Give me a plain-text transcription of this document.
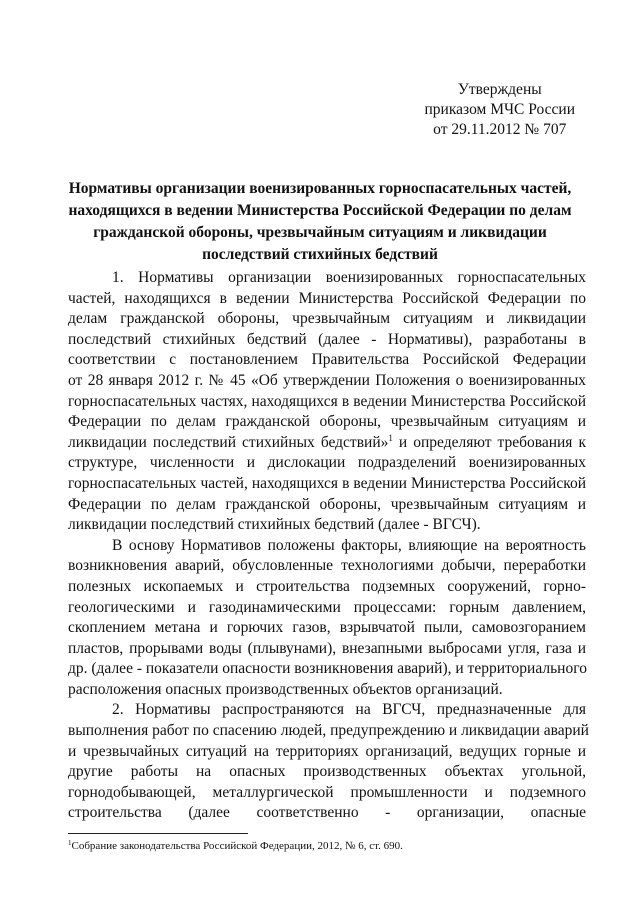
Утверждены
приказом МЧС России
от 29.11.2012 № 707
Нормативы организации военизированных горноспасательных частей,
находящихся в ведении Министерства Российской Федерации по делам
гражданской обороны, чрезвычайным ситуациям и ликвидации
последствий стихийных бедствий
1. Нормативы организации военизированных горноспасательных
частей, находящихся в ведении Министерства Российской Федерации по
делам гражданской обороны, чрезвычайным ситуациям и ликвидации
последствий стихийных бедствий (далее - Нормативы), разработаны в
соответствии с постановлением Правительства Российской Федерации
от 28 января 2012 г. № 45 «Об утверждении Положения о военизированных
горноспасательных частях, находящихся в ведении Министерства Российской
Федерации по делам гражданской обороны, чрезвычайным ситуациям и
ликвидации последствий стихийных бедствий»$^1$ и определяют требования к
структуре, численности и дислокации подразделений военизированных
горноспасательных частей, находящихся в ведении Министерства Российской
Федерации по делам гражданской обороны, чрезвычайным ситуациям и
ликвидации последствий стихийных бедствий (далее - ВГСЧ).
В основу Нормативов положены факторы, влияющие на вероятность
возникновения аварий, обусловленные технологиями добычи, переработки
полезных ископаемых и строительства подземных сооружений, горно-
геологическими и газодинамическими процессами: горным давлением,
скоплением метана и горючих газов, взрывчатой пыли, самовозгоранием
пластов, прорывами воды (плывунами), внезапными выбросами угля, газа и
др. (далее - показатели опасности возникновения аварий), и территориального
расположения опасных производственных объектов организаций.
2. Нормативы распространяются на ВГСЧ, предназначенные для
выполнения работ по спасению людей, предупреждению и ликвидации аварий
и чрезвычайных ситуаций на территориях организаций, ведущих горные и
другие работы на опасных производственных объектах угольной,
горнодобывающей, металлургической промышленности и подземного
строительства (далее соответственно - организации, опасные
$^1$Собрание законодательства Российской Федерации, 2012, № 6, ст. 690.
